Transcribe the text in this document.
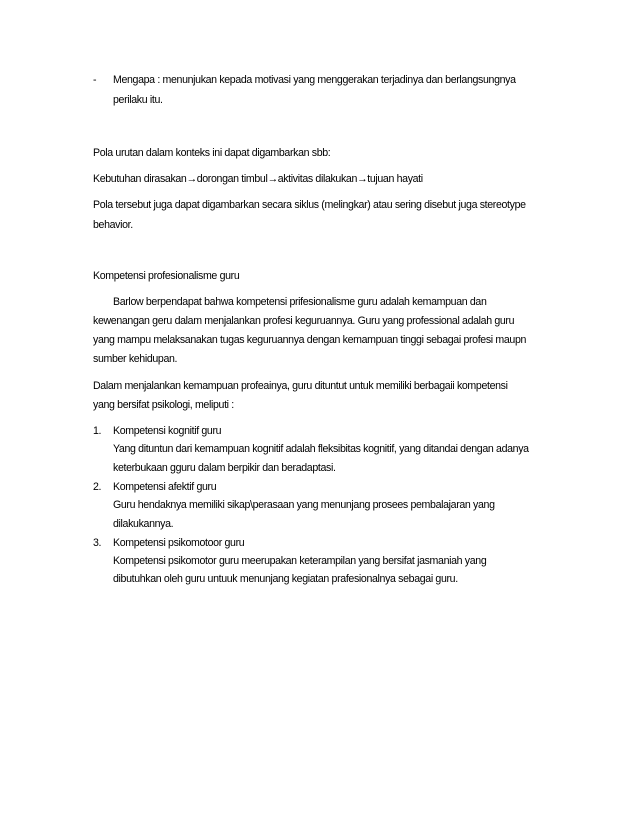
- Mengapa : menunjukan kepada motivasi yang menggerakan terjadinya dan berlangsungnya

perilaku itu.

Pola urutan dalam konteks ini dapat digambarkan sbb:

Kebutuhan dirasakan→dorongan timbul→aktivitas dilakukan→tujuan hayati

Pola tersebut juga dapat digambarkan secara siklus (melingkar) atau sering disebut juga stereotype

behavior.

Kompetensi profesionalisme guru

Barlow berpendapat bahwa kompetensi prifesionalisme guru adalah kemampuan dan

kewenangan geru dalam menjalankan profesi keguruannya. Guru yang professional adalah guru

yang mampu melaksanakan tugas keguruannya dengan kemampuan tinggi sebagai profesi maupn

sumber kehidupan.

Dalam menjalankan kemampuan profeainya, guru dituntut untuk memiliki berbagaii kompetensi

yang bersifat psikologi, meliputi :

1. Kompetensi kognitif guru

Yang dituntun dari kemampuan kognitif adalah fleksibitas kognitif, yang ditandai dengan adanya

keterbukaan gguru dalam berpikir dan beradaptasi.

2. Kompetensi afektif guru

Guru hendaknya memiliki sikap\perasaan yang menunjang prosees pembalajaran yang

dilakukannya.

3. Kompetensi psikomotoor guru

Kompetensi psikomotor guru meerupakan keterampilan yang bersifat jasmaniah yang

dibutuhkan oleh guru untuuk menunjang kegiatan prafesionalnya sebagai guru.
